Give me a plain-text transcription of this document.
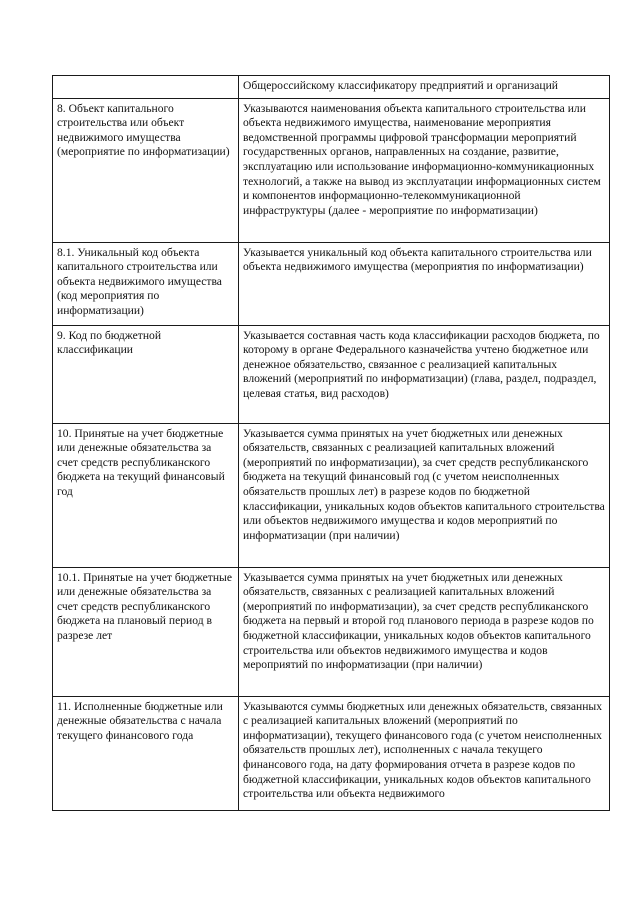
	Общероссийскому классификатору предприятий и организаций
8. Объект капитального строительства или объект недвижимого имущества (мероприятие по информатизации)	Указываются наименования объекта капитального строительства или объекта недвижимого имущества, наименование мероприятия ведомственной программы цифровой трансформации мероприятий государственных органов, направленных на создание, развитие, эксплуатацию или использование информационно-коммуникационных технологий, а также на вывод из эксплуатации информационных систем и компонентов информационно-телекоммуникационной инфраструктуры (далее - мероприятие по информатизации)
8.1. Уникальный код объекта капитального строительства или объекта недвижимого имущества (код мероприятия по информатизации)	Указывается уникальный код объекта капитального строительства или объекта недвижимого имущества (мероприятия по информатизации)
9. Код по бюджетной классификации	Указывается составная часть кода классификации расходов бюджета, по которому в органе Федерального казначейства учтено бюджетное или денежное обязательство, связанное с реализацией капитальных вложений (мероприятий по информатизации) (глава, раздел, подраздел, целевая статья, вид расходов)
10. Принятые на учет бюджетные или денежные обязательства за счет средств республиканского бюджета на текущий финансовый год	Указывается сумма принятых на учет бюджетных или денежных обязательств, связанных с реализацией капитальных вложений (мероприятий по информатизации), за счет средств республиканского бюджета на текущий финансовый год (с учетом неисполненных обязательств прошлых лет) в разрезе кодов по бюджетной классификации, уникальных кодов объектов капитального строительства или объектов недвижимого имущества и кодов мероприятий по информатизации (при наличии)
10.1. Принятые на учет бюджетные или денежные обязательства за счет средств республиканского бюджета на плановый период в разрезе лет	Указывается сумма принятых на учет бюджетных или денежных обязательств, связанных с реализацией капитальных вложений (мероприятий по информатизации), за счет средств республиканского бюджета на первый и второй год планового периода в разрезе кодов по бюджетной классификации, уникальных кодов объектов капитального строительства или объектов недвижимого имущества и кодов мероприятий по информатизации (при наличии)
11. Исполненные бюджетные или денежные обязательства с начала текущего финансового года	Указываются суммы бюджетных или денежных обязательств, связанных с реализацией капитальных вложений (мероприятий по информатизации), текущего финансового года (с учетом неисполненных обязательств прошлых лет), исполненных с начала текущего финансового года, на дату формирования отчета в разрезе кодов по бюджетной классификации, уникальных кодов объектов капитального строительства или объекта недвижимого
